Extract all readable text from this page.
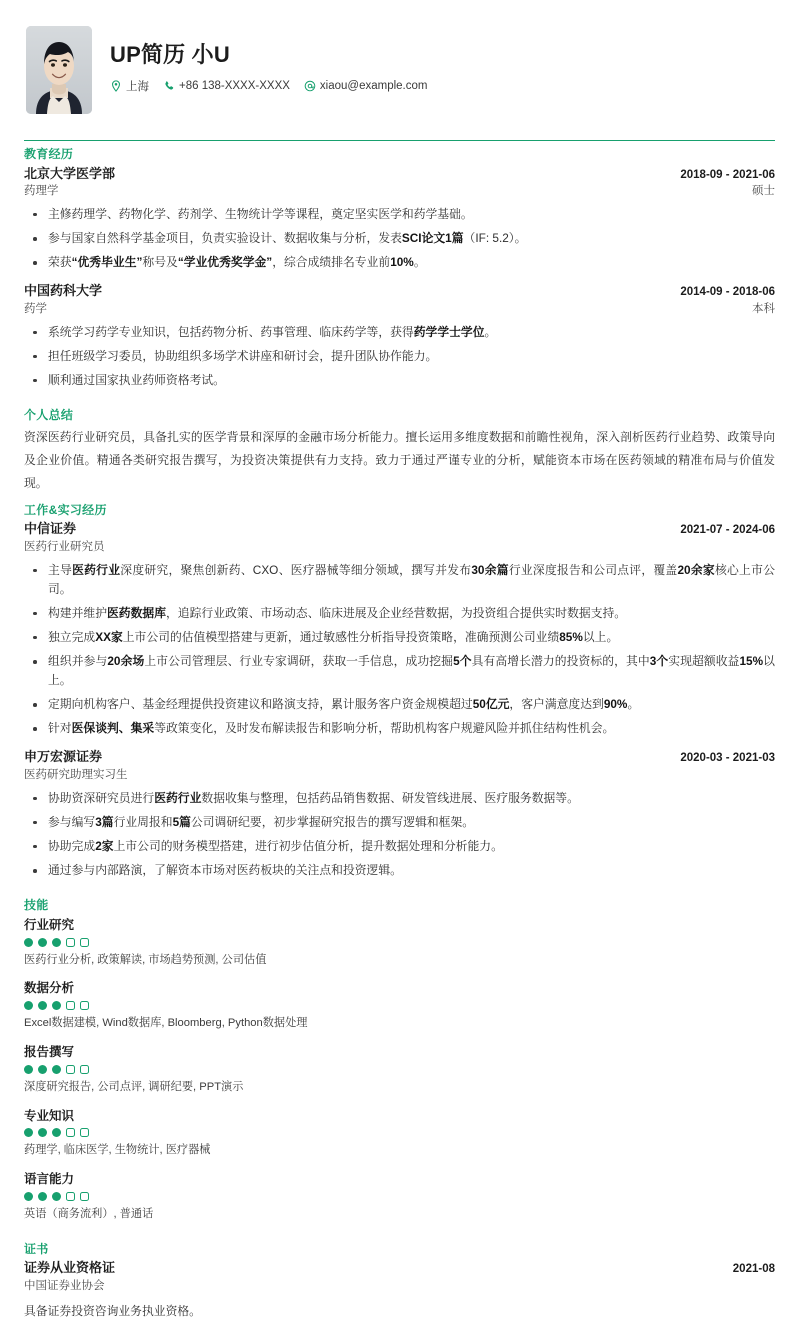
UP简历 小U
上海	+86 138-XXXX-XXXX	xiaou@example.com
教育经历
北京大学医学部	2018-09 - 2021-06
药理学	硕士
主修药理学、药物化学、药剂学、生物统计学等课程，奠定坚实医学和药学基础。
参与国家自然科学基金项目，负责实验设计、数据收集与分析，发表SCI论文1篇（IF: 5.2）。
荣获“优秀毕业生”称号及“学业优秀奖学金”，综合成绩排名专业前10%。
中国药科大学	2014-09 - 2018-06
药学	本科
系统学习药学专业知识，包括药物分析、药事管理、临床药学等，获得药学学士学位。
担任班级学习委员，协助组织多场学术讲座和研讨会，提升团队协作能力。
顺利通过国家执业药师资格考试。
个人总结
资深医药行业研究员，具备扎实的医学背景和深厚的金融市场分析能力。擅长运用多维度数据和前瞻性视角，深入剖析医药行业趋势、政策导向及企业价值。精通各类研究报告撰写，为投资决策提供有力支持。致力于通过严谨专业的分析，赋能资本市场在医药领域的精准布局与价值发现。
工作&实习经历
中信证券	2021-07 - 2024-06
医药行业研究员
主导医药行业深度研究，聚焦创新药、CXO、医疗器械等细分领域，撰写并发布30余篇行业深度报告和公司点评，覆盖20余家核心上市公司。
构建并维护医药数据库，追踪行业政策、市场动态、临床进展及企业经营数据，为投资组合提供实时数据支持。
独立完成XX家上市公司的估值模型搭建与更新，通过敏感性分析指导投资策略，准确预测公司业绩85%以上。
组织并参与20余场上市公司管理层、行业专家调研，获取一手信息，成功挖掘5个具有高增长潜力的投资标的，其中3个实现超额收益15%以上。
定期向机构客户、基金经理提供投资建议和路演支持，累计服务客户资金规模超过50亿元，客户满意度达到90%。
针对医保谈判、集采等政策变化，及时发布解读报告和影响分析，帮助机构客户规避风险并抓住结构性机会。
申万宏源证券	2020-03 - 2021-03
医药研究助理实习生
协助资深研究员进行医药行业数据收集与整理，包括药品销售数据、研发管线进展、医疗服务数据等。
参与编写3篇行业周报和5篇公司调研纪要，初步掌握研究报告的撰写逻辑和框架。
协助完成2家上市公司的财务模型搭建，进行初步估值分析，提升数据处理和分析能力。
通过参与内部路演，了解资本市场对医药板块的关注点和投资逻辑。
技能
行业研究
医药行业分析, 政策解读, 市场趋势预测, 公司估值
数据分析
Excel数据建模, Wind数据库, Bloomberg, Python数据处理
报告撰写
深度研究报告, 公司点评, 调研纪要, PPT演示
专业知识
药理学, 临床医学, 生物统计, 医疗器械
语言能力
英语（商务流利）, 普通话
证书
证券从业资格证	2021-08
中国证券业协会
具备证券投资咨询业务执业资格。
